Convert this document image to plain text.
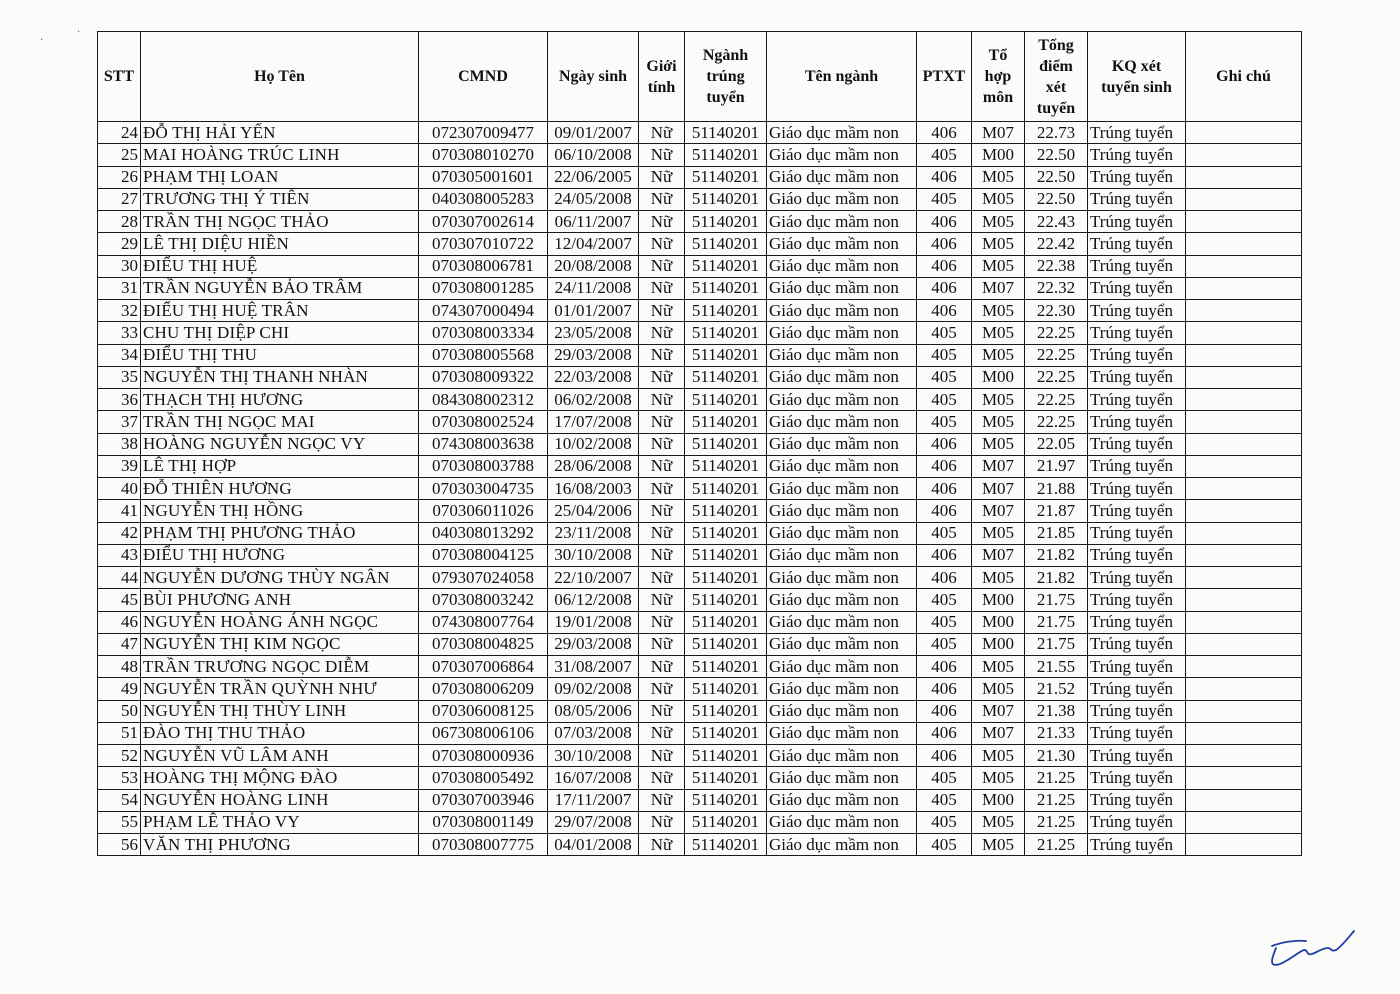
·
·
STT	Họ Tên	CMND	Ngày sinh	Giới tính	Ngành trúng tuyển	Tên ngành	PTXT	Tổ hợp môn	Tổng điểm xét tuyển	KQ xét tuyển sinh	Ghi chú
24	ĐỖ THỊ HẢI YẾN	072307009477	09/01/2007	Nữ	51140201	Giáo dục mầm non	406	M07	22.73	Trúng tuyển	
25	MAI HOÀNG TRÚC LINH	070308010270	06/10/2008	Nữ	51140201	Giáo dục mầm non	405	M00	22.50	Trúng tuyển	
26	PHẠM THỊ LOAN	070305001601	22/06/2005	Nữ	51140201	Giáo dục mầm non	406	M05	22.50	Trúng tuyển	
27	TRƯƠNG THỊ Ý TIÊN	040308005283	24/05/2008	Nữ	51140201	Giáo dục mầm non	405	M05	22.50	Trúng tuyển	
28	TRẦN THỊ NGỌC THẢO	070307002614	06/11/2007	Nữ	51140201	Giáo dục mầm non	406	M05	22.43	Trúng tuyển	
29	LÊ THỊ DIỆU HIỀN	070307010722	12/04/2007	Nữ	51140201	Giáo dục mầm non	406	M05	22.42	Trúng tuyển	
30	ĐIỂU THỊ HUỆ	070308006781	20/08/2008	Nữ	51140201	Giáo dục mầm non	406	M05	22.38	Trúng tuyển	
31	TRẦN NGUYỄN BẢO TRÂM	070308001285	24/11/2008	Nữ	51140201	Giáo dục mầm non	406	M07	22.32	Trúng tuyển	
32	ĐIỂU THỊ HUỆ TRÂN	074307000494	01/01/2007	Nữ	51140201	Giáo dục mầm non	406	M05	22.30	Trúng tuyển	
33	CHU THỊ DIỆP CHI	070308003334	23/05/2008	Nữ	51140201	Giáo dục mầm non	405	M05	22.25	Trúng tuyển	
34	ĐIỂU THỊ THU	070308005568	29/03/2008	Nữ	51140201	Giáo dục mầm non	405	M05	22.25	Trúng tuyển	
35	NGUYỄN THỊ THANH NHÀN	070308009322	22/03/2008	Nữ	51140201	Giáo dục mầm non	405	M00	22.25	Trúng tuyển	
36	THẠCH THỊ HƯƠNG	084308002312	06/02/2008	Nữ	51140201	Giáo dục mầm non	405	M05	22.25	Trúng tuyển	
37	TRẦN THỊ NGỌC MAI	070308002524	17/07/2008	Nữ	51140201	Giáo dục mầm non	405	M05	22.25	Trúng tuyển	
38	HOÀNG NGUYỄN NGỌC VY	074308003638	10/02/2008	Nữ	51140201	Giáo dục mầm non	406	M05	22.05	Trúng tuyển	
39	LÊ THỊ HỢP	070308003788	28/06/2008	Nữ	51140201	Giáo dục mầm non	406	M07	21.97	Trúng tuyển	
40	ĐỖ THIÊN HƯƠNG	070303004735	16/08/2003	Nữ	51140201	Giáo dục mầm non	406	M07	21.88	Trúng tuyển	
41	NGUYỄN THỊ HỒNG	070306011026	25/04/2006	Nữ	51140201	Giáo dục mầm non	406	M07	21.87	Trúng tuyển	
42	PHẠM THỊ PHƯƠNG THẢO	040308013292	23/11/2008	Nữ	51140201	Giáo dục mầm non	405	M05	21.85	Trúng tuyển	
43	ĐIỂU THỊ HƯƠNG	070308004125	30/10/2008	Nữ	51140201	Giáo dục mầm non	406	M07	21.82	Trúng tuyển	
44	NGUYỄN DƯƠNG THÙY NGÂN	079307024058	22/10/2007	Nữ	51140201	Giáo dục mầm non	406	M05	21.82	Trúng tuyển	
45	BÙI PHƯƠNG ANH	070308003242	06/12/2008	Nữ	51140201	Giáo dục mầm non	405	M00	21.75	Trúng tuyển	
46	NGUYỄN HOÀNG ÁNH NGỌC	074308007764	19/01/2008	Nữ	51140201	Giáo dục mầm non	405	M00	21.75	Trúng tuyển	
47	NGUYỄN THỊ KIM NGỌC	070308004825	29/03/2008	Nữ	51140201	Giáo dục mầm non	405	M00	21.75	Trúng tuyển	
48	TRẦN TRƯƠNG NGỌC DIỄM	070307006864	31/08/2007	Nữ	51140201	Giáo dục mầm non	406	M05	21.55	Trúng tuyển	
49	NGUYỄN TRẦN QUỲNH NHƯ	070308006209	09/02/2008	Nữ	51140201	Giáo dục mầm non	406	M05	21.52	Trúng tuyển	
50	NGUYỄN THỊ THÙY LINH	070306008125	08/05/2006	Nữ	51140201	Giáo dục mầm non	406	M07	21.38	Trúng tuyển	
51	ĐÀO THỊ THU THẢO	067308006106	07/03/2008	Nữ	51140201	Giáo dục mầm non	406	M07	21.33	Trúng tuyển	
52	NGUYỄN VŨ LÂM ANH	070308000936	30/10/2008	Nữ	51140201	Giáo dục mầm non	406	M05	21.30	Trúng tuyển	
53	HOÀNG THỊ MỘNG ĐÀO	070308005492	16/07/2008	Nữ	51140201	Giáo dục mầm non	405	M05	21.25	Trúng tuyển	
54	NGUYỄN HOÀNG LINH	070307003946	17/11/2007	Nữ	51140201	Giáo dục mầm non	405	M00	21.25	Trúng tuyển	
55	PHẠM LÊ THẢO VY	070308001149	29/07/2008	Nữ	51140201	Giáo dục mầm non	405	M05	21.25	Trúng tuyển	
56	VĂN THỊ PHƯƠNG	070308007775	04/01/2008	Nữ	51140201	Giáo dục mầm non	405	M05	21.25	Trúng tuyển	
